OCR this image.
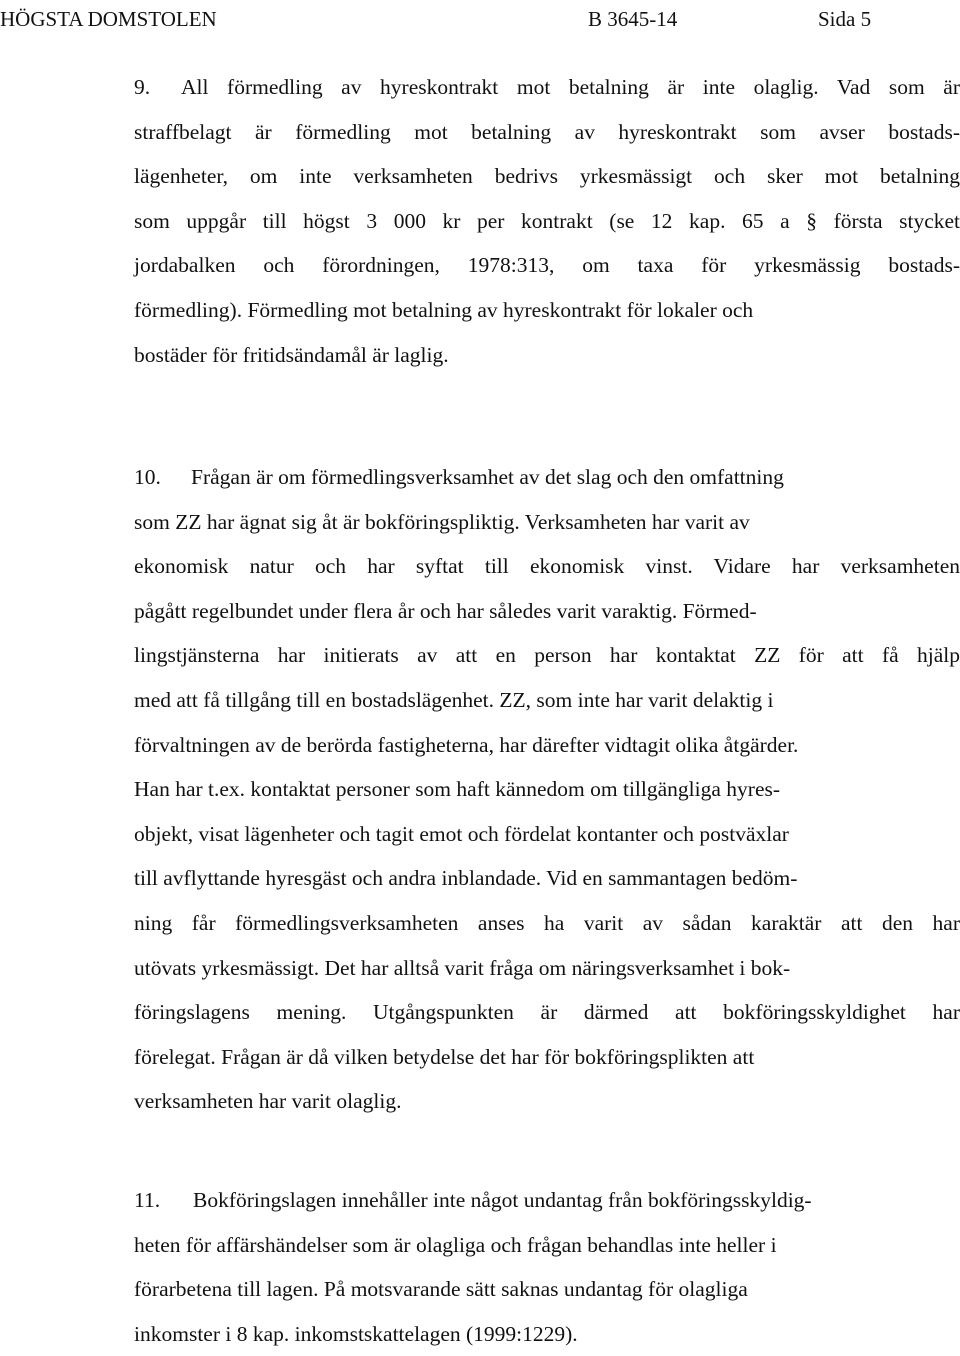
HÖGSTA DOMSTOLEN	B 3645-14	Sida 5
9. All förmedling av hyreskontrakt mot betalning är inte olaglig. Vad som är
straffbelagt är förmedling mot betalning av hyreskontrakt som avser bostads-
lägenheter, om inte verksamheten bedrivs yrkesmässigt och sker mot betalning
som uppgår till högst 3 000 kr per kontrakt (se 12 kap. 65 a § första stycket
jordabalken och förordningen, 1978:313, om taxa för yrkesmässig bostads-
förmedling). Förmedling mot betalning av hyreskontrakt för lokaler och
bostäder för fritidsändamål är laglig.
10. Frågan är om förmedlingsverksamhet av det slag och den omfattning
som ZZ har ägnat sig åt är bokföringspliktig. Verksamheten har varit av
ekonomisk natur och har syftat till ekonomisk vinst. Vidare har verksamheten
pågått regelbundet under flera år och har således varit varaktig. Förmed-
lingstjänsterna har initierats av att en person har kontaktat ZZ för att få hjälp
med att få tillgång till en bostadslägenhet. ZZ, som inte har varit delaktig i
förvaltningen av de berörda fastigheterna, har därefter vidtagit olika åtgärder.
Han har t.ex. kontaktat personer som haft kännedom om tillgängliga hyres-
objekt, visat lägenheter och tagit emot och fördelat kontanter och postväxlar
till avflyttande hyresgäst och andra inblandade. Vid en sammantagen bedöm-
ning får förmedlingsverksamheten anses ha varit av sådan karaktär att den har
utövats yrkesmässigt. Det har alltså varit fråga om näringsverksamhet i bok-
föringslagens mening. Utgångspunkten är därmed att bokföringsskyldighet har
förelegat. Frågan är då vilken betydelse det har för bokföringsplikten att
verksamheten har varit olaglig.
11. Bokföringslagen innehåller inte något undantag från bokföringsskyldig-
heten för affärshändelser som är olagliga och frågan behandlas inte heller i
förarbetena till lagen. På motsvarande sätt saknas undantag för olagliga
inkomster i 8 kap. inkomstskattelagen (1999:1229).
